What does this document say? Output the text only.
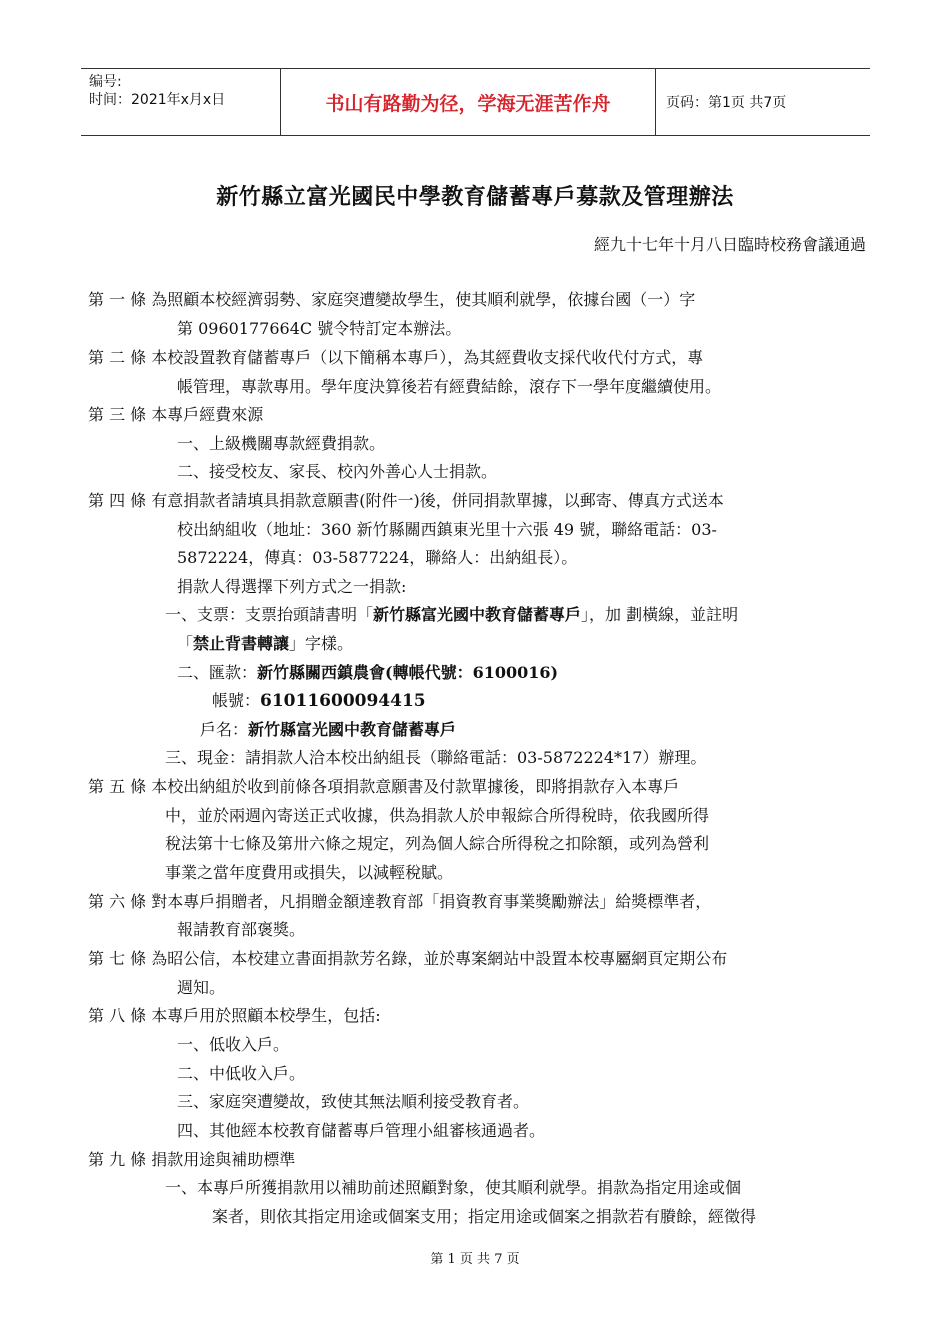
编号:
时间：2021年x月x日	书山有路勤为径，学海无涯苦作舟	页码：第1页 共7页
新竹縣立富光國民中學教育儲蓄專戶募款及管理辦法
經九十七年十月八日臨時校務會議通過
第 一 條 為照顧本校經濟弱勢、家庭突遭變故學生，使其順利就學，依據台國（一）字
第 0960177664C 號令特訂定本辦法。
第 二 條 本校設置教育儲蓄專戶（以下簡稱本專戶），為其經費收支採代收代付方式，專
帳管理，專款專用。學年度決算後若有經費結餘，滾存下一學年度繼續使用。
第 三 條 本專戶經費來源
一、上級機關專款經費捐款。
二、接受校友、家長、校內外善心人士捐款。
第 四 條 有意捐款者請填具捐款意願書(附件一)後，併同捐款單據，以郵寄、傳真方式送本
校出納組收（地址：360 新竹縣關西鎮東光里十六張 49 號，聯絡電話：03-
5872224，傳真：03-5877224，聯絡人：出納組長）。
捐款人得選擇下列方式之一捐款:
一、支票：支票抬頭請書明「新竹縣富光國中教育儲蓄專戶」，加 劃橫線，並註明
「禁止背書轉讓」字樣。
二、匯款：新竹縣關西鎮農會(轉帳代號：6100016)
帳號：61011600094415
戶名：新竹縣富光國中教育儲蓄專戶
三、現金：請捐款人洽本校出納組長（聯絡電話：03-5872224*17）辦理。
第 五 條 本校出納組於收到前條各項捐款意願書及付款單據後，即將捐款存入本專戶
中，並於兩週內寄送正式收據，供為捐款人於申報綜合所得稅時，依我國所得
稅法第十七條及第卅六條之規定，列為個人綜合所得稅之扣除額，或列為營利
事業之當年度費用或損失，以減輕稅賦。
第 六 條 對本專戶捐贈者，凡捐贈金額達教育部「捐資教育事業獎勵辦法」給獎標準者，
報請教育部褒獎。
第 七 條 為昭公信，本校建立書面捐款芳名錄，並於專案網站中設置本校專屬網頁定期公布
週知。
第 八 條 本專戶用於照顧本校學生，包括:
一、低收入戶。
二、中低收入戶。
三、家庭突遭變故，致使其無法順利接受教育者。
四、其他經本校教育儲蓄專戶管理小組審核通過者。
第 九 條 捐款用途與補助標準
一、本專戶所獲捐款用以補助前述照顧對象，使其順利就學。捐款為指定用途或個
案者，則依其指定用途或個案支用；指定用途或個案之捐款若有賸餘，經徵得
第 1 页 共 7 页
